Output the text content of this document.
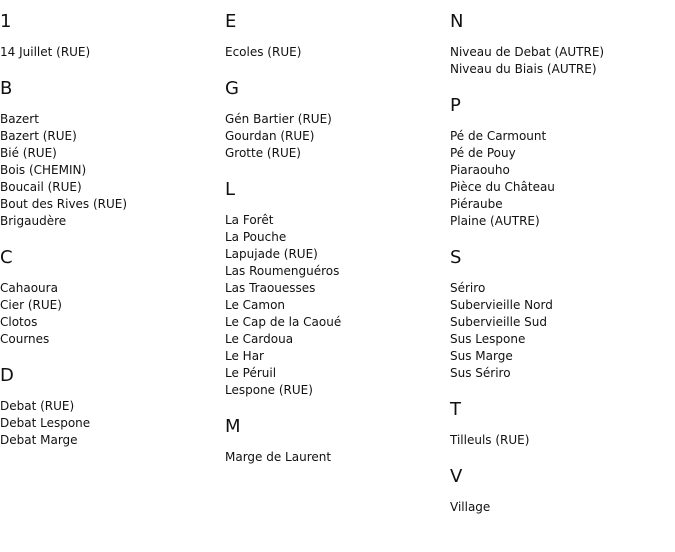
1
14 Juillet (RUE)
B
Bazert
Bazert (RUE)
Bié (RUE)
Bois (CHEMIN)
Boucail (RUE)
Bout des Rives (RUE)
Brigaudère
C
Cahaoura
Cier (RUE)
Clotos
Cournes
D
Debat (RUE)
Debat Lespone
Debat Marge
E
Ecoles (RUE)
G
Gén Bartier (RUE)
Gourdan (RUE)
Grotte (RUE)
L
La Forêt
La Pouche
Lapujade (RUE)
Las Roumenguéros
Las Traouesses
Le Camon
Le Cap de la Caoué
Le Cardoua
Le Har
Le Péruil
Lespone (RUE)
M
Marge de Laurent
N
Niveau de Debat (AUTRE)
Niveau du Biais (AUTRE)
P
Pé de Carmount
Pé de Pouy
Piaraouho
Pièce du Château
Piéraube
Plaine (AUTRE)
S
Sériro
Subervieille Nord
Subervieille Sud
Sus Lespone
Sus Marge
Sus Sériro
T
Tilleuls (RUE)
V
Village
